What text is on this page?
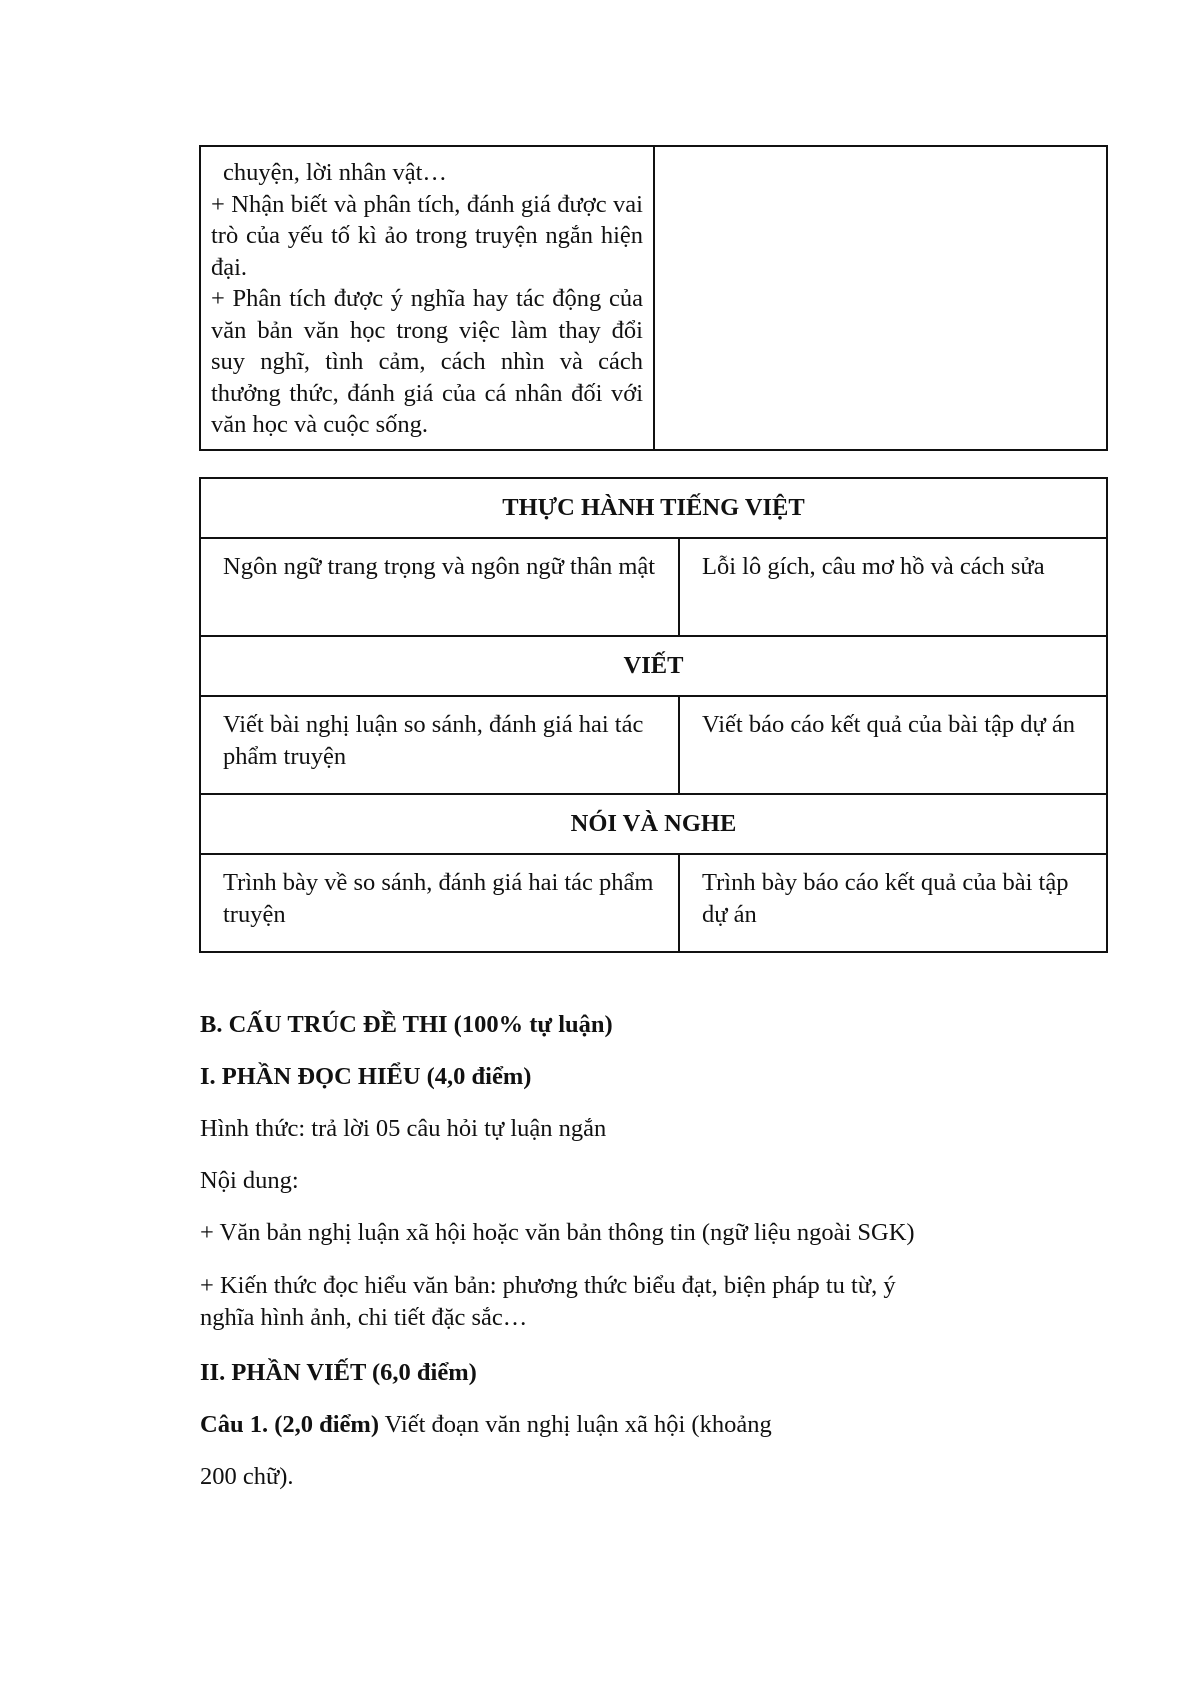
chuyện, lời nhân vật…

+ Nhận biết và phân tích, đánh giá được vai trò của yếu tố kì ảo trong truyện ngắn hiện đại.

+ Phân tích được ý nghĩa hay tác động của văn bản văn học trong việc làm thay đổi suy nghĩ, tình cảm, cách nhìn và cách thưởng thức, đánh giá của cá nhân đối với văn học và cuộc sống.

THỰC HÀNH TIẾNG VIỆT	
Ngôn ngữ trang trọng và ngôn ngữ thân mật	Lỗi lô gích, câu mơ hồ và cách sửa
VIẾT	
Viết bài nghị luận so sánh, đánh giá hai tác phẩm truyện	Viết báo cáo kết quả của bài tập dự án
NÓI VÀ NGHE	
Trình bày về so sánh, đánh giá hai tác phẩm truyện	Trình bày báo cáo kết quả của bài tập dự án

B. CẤU TRÚC ĐỀ THI (100% tự luận)

I. PHẦN ĐỌC HIỂU (4,0 điểm)

Hình thức: trả lời 05 câu hỏi tự luận ngắn

Nội dung:

+ Văn bản nghị luận xã hội hoặc văn bản thông tin (ngữ liệu ngoài SGK)

+ Kiến thức đọc hiểu văn bản: phương thức biểu đạt, biện pháp tu từ, ý

nghĩa hình ảnh, chi tiết đặc sắc…

II. PHẦN VIẾT (6,0 điểm)

Câu 1. (2,0 điểm) Viết đoạn văn nghị luận xã hội (khoảng

200 chữ).
